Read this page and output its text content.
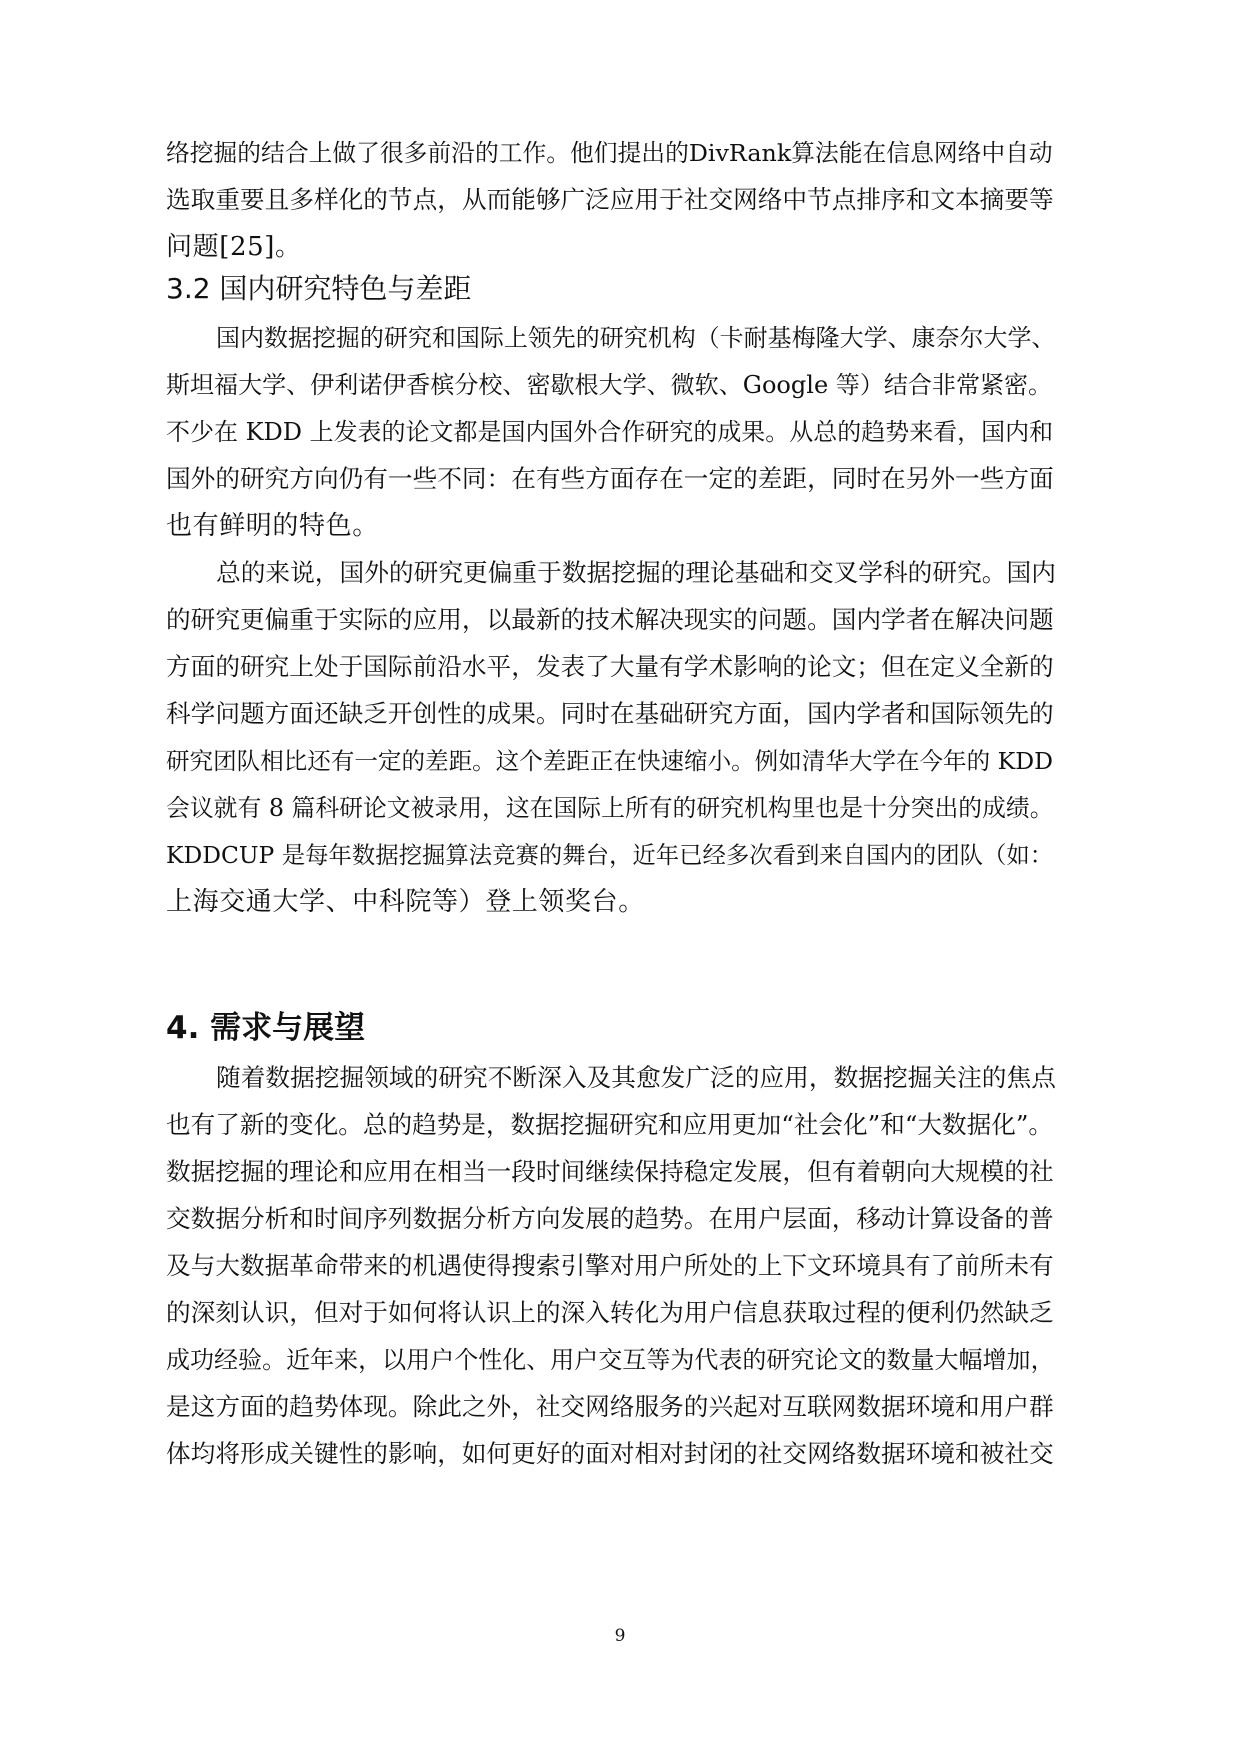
络挖掘的结合上做了很多前沿的工作。他们提出的DivRank算法能在信息网络中自动
选取重要且多样化的节点，从而能够广泛应用于社交网络中节点排序和文本摘要等
问题[25]。
3.2 国内研究特色与差距
国内数据挖掘的研究和国际上领先的研究机构（卡耐基梅隆大学、康奈尔大学、
斯坦福大学、伊利诺伊香槟分校、密歇根大学、微软、Google 等）结合非常紧密。
不少在 KDD 上发表的论文都是国内国外合作研究的成果。从总的趋势来看，国内和
国外的研究方向仍有一些不同：在有些方面存在一定的差距，同时在另外一些方面
也有鲜明的特色。
总的来说，国外的研究更偏重于数据挖掘的理论基础和交叉学科的研究。国内
的研究更偏重于实际的应用，以最新的技术解决现实的问题。国内学者在解决问题
方面的研究上处于国际前沿水平，发表了大量有学术影响的论文；但在定义全新的
科学问题方面还缺乏开创性的成果。同时在基础研究方面，国内学者和国际领先的
研究团队相比还有一定的差距。这个差距正在快速缩小。例如清华大学在今年的 KDD
会议就有 8 篇科研论文被录用，这在国际上所有的研究机构里也是十分突出的成绩。
KDDCUP 是每年数据挖掘算法竞赛的舞台，近年已经多次看到来自国内的团队（如：
上海交通大学、中科院等）登上领奖台。
4. 需求与展望
随着数据挖掘领域的研究不断深入及其愈发广泛的应用，数据挖掘关注的焦点
也有了新的变化。总的趋势是，数据挖掘研究和应用更加“社会化”和“大数据化”。
数据挖掘的理论和应用在相当一段时间继续保持稳定发展，但有着朝向大规模的社
交数据分析和时间序列数据分析方向发展的趋势。在用户层面，移动计算设备的普
及与大数据革命带来的机遇使得搜索引擎对用户所处的上下文环境具有了前所未有
的深刻认识，但对于如何将认识上的深入转化为用户信息获取过程的便利仍然缺乏
成功经验。近年来，以用户个性化、用户交互等为代表的研究论文的数量大幅增加，
是这方面的趋势体现。除此之外，社交网络服务的兴起对互联网数据环境和用户群
体均将形成关键性的影响，如何更好的面对相对封闭的社交网络数据环境和被社交
9
